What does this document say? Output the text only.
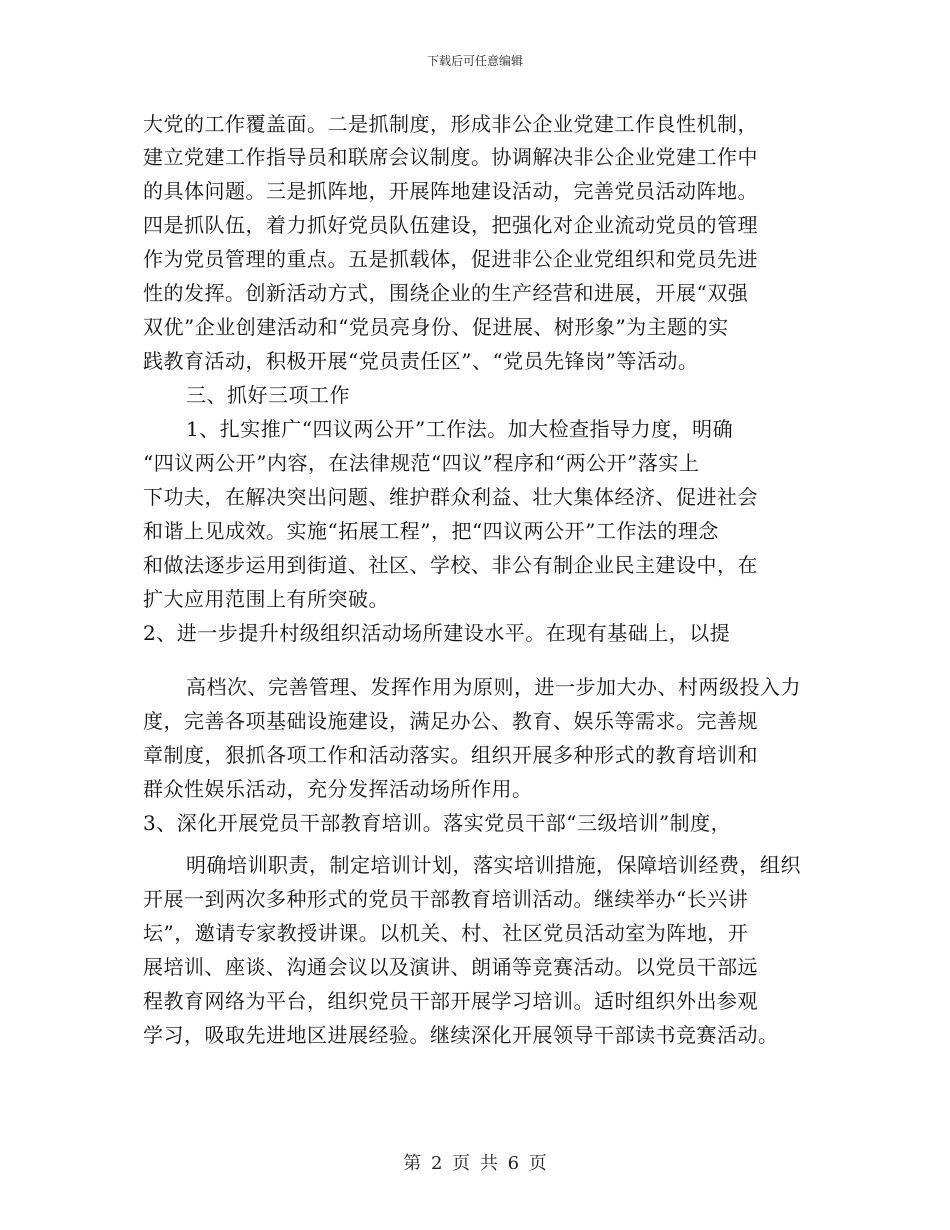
下载后可任意编辑
大党的工作覆盖面。二是抓制度，形成非公企业党建工作良性机制，
建立党建工作指导员和联席会议制度。协调解决非公企业党建工作中
的具体问题。三是抓阵地，开展阵地建设活动，完善党员活动阵地。
四是抓队伍，着力抓好党员队伍建设，把强化对企业流动党员的管理
作为党员管理的重点。五是抓载体，促进非公企业党组织和党员先进
性的发挥。创新活动方式，围绕企业的生产经营和进展，开展“双强
双优”企业创建活动和“党员亮身份、促进展、树形象”为主题的实
践教育活动，积极开展“党员责任区”、“党员先锋岗”等活动。
三、抓好三项工作
1、扎实推广“四议两公开”工作法。加大检查指导力度，明确
“四议两公开”内容，在法律规范“四议”程序和“两公开”落实上
下功夫，在解决突出问题、维护群众利益、壮大集体经济、促进社会
和谐上见成效。实施“拓展工程”，把“四议两公开”工作法的理念
和做法逐步运用到街道、社区、学校、非公有制企业民主建设中，在
扩大应用范围上有所突破。
2、进一步提升村级组织活动场所建设水平。在现有基础上，以提
高档次、完善管理、发挥作用为原则，进一步加大办、村两级投入力
度，完善各项基础设施建设，满足办公、教育、娱乐等需求。完善规
章制度，狠抓各项工作和活动落实。组织开展多种形式的教育培训和
群众性娱乐活动，充分发挥活动场所作用。
3、深化开展党员干部教育培训。落实党员干部“三级培训”制度，
明确培训职责，制定培训计划，落实培训措施，保障培训经费，组织
开展一到两次多种形式的党员干部教育培训活动。继续举办“长兴讲
坛”，邀请专家教授讲课。以机关、村、社区党员活动室为阵地，开
展培训、座谈、沟通会议以及演讲、朗诵等竞赛活动。以党员干部远
程教育网络为平台，组织党员干部开展学习培训。适时组织外出参观
学习，吸取先进地区进展经验。继续深化开展领导干部读书竞赛活动。
第 2 页 共 6 页
